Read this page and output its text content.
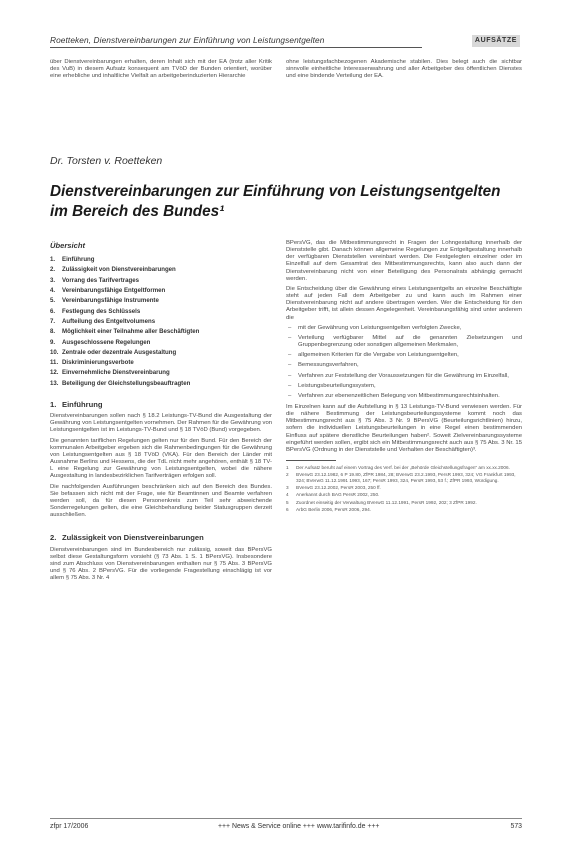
Roetteken, Dienstvereinbarungen zur Einführung von Leistungsentgelten	AUFSÄTZE

über Dienstvereinbarungen erhalten, deren Inhalt sich mit der EA (trotz aller Kritik des VuB) in diesem Aufsatz konsequent am TVöD der Bunden orientiert, worüber eine erhebliche und inhaltliche Vielfalt an arbeitgeberinduzierten Hierarchie

ohne leistungsfachbezogenen Akademische stabilen. Dies belegt auch die sichtbar sinnvolle einheitliche Interessenwahrung und aller Arbeitgeber des öffentlichen Dienstes und eine bindende Verteilung der EA.

Dr. Torsten v. Roetteken
Dienstvereinbarungen zur Einführung von Leistungsentgelten im Bereich des Bundes¹
Übersicht
1. Einführung
2. Zulässigkeit von Dienstvereinbarungen
3. Vorrang des Tarifvertrages
4. Vereinbarungsfähige Entgeltformen
5. Vereinbarungsfähige Instrumente
6. Festlegung des Schlüssels
7. Aufteilung des Entgeltvolumens
8. Möglichkeit einer Teilnahme aller Beschäftigten
9. Ausgeschlossene Regelungen
10. Zentrale oder dezentrale Ausgestaltung
11. Diskriminierungsverbote
12. Einvernehmliche Dienstvereinbarung
13. Beteiligung der Gleichstellungsbeauftragten
1. Einführung

Dienstvereinbarungen sollen nach § 18.2 Leistungs-TV-Bund die Ausgestaltung der Gewährung von Leistungsentgelten vornehmen. Der Rahmen für die Gewährung von Leistungsentgelten ist im Leistungs-TV-Bund und § 18 TVöD (Bund) vorgegeben.

Die genannten tariflichen Regelungen gelten nur für den Bund. Für den Bereich der kommunalen Arbeitgeber ergeben sich die Rahmenbedingungen für die Gewährung von Leistungsentgelten aus § 18 TVöD (VKA). Für den Bereich der Länder mit Ausnahme Berlins und Hessens, die der TdL nicht mehr angehören, enthält § 18 TV-L eine Regelung zur Gewährung von Leistungsentgelten, wobei die nähere Ausgestaltung in landesbezirklichen Tarifverträgen erfolgen soll.

Die nachfolgenden Ausführungen beschränken sich auf den Bereich des Bundes. Sie befassen sich nicht mit der Frage, wie für Beamtinnen und Beamte verfahren werden soll, da für diesen Personenkreis zum Teil sehr abweichende Sonderregelungen gelten, die eine Gleichbehandlung beider Statusgruppen derzeit ausschließen.

2. Zulässigkeit von Dienstvereinbarungen

Dienstvereinbarungen sind im Bundesbereich nur zulässig, soweit das BPersVG selbst diese Gestaltungsform vorsieht (§ 73 Abs. 1 S. 1 BPersVG). Insbesondere sind zum Abschluss von Dienstvereinbarungen enthalten nur § 75 Abs. 3 BPersVG und § 76 Abs. 2 BPersVG. Für die vorliegende Fragestellung einschlägig ist vor allem § 75 Abs. 3 Nr. 4

BPersVG, das die Mitbestimmungsrecht in Fragen der Lohngestaltung innerhalb der Dienststelle gibt. Danach können allgemeine Regelungen zur Entgeltgestaltung innerhalb der verfügbaren Dienststellen vereinbart werden. Die Festgelegten einzelner oder im Einzelfall auf dem Gesamtrat des Mitbestimmungsrechts, kann also auch dann der Dienstvereinbarung nicht von einer Beteiligung des Personalrats abhängig gemacht werden.

Die Entscheidung über die Gewährung eines Leistungsentgelts an einzelne Beschäftigte steht auf jeden Fall dem Arbeitgeber zu und kann auch im Rahmen einer Dienstvereinbarung nicht auf andere übertragen werden. Wer die Entscheidung für den Arbeitgeber trifft, ist allein dessen Angelegenheit. Vereinbarungsfähig sind unter anderem die

– mit der Gewährung von Leistungsentgelten verfolgten Zwecke,
– Verteilung verfügbarer Mittel auf die genannten Zielsetzungen und Gruppenbegrenzung oder sonstigen allgemeinen Merkmalen,
– allgemeinen Kriterien für die Vergabe von Leistungsentgelten,
– Bemessungsverfahren,
– Verfahren zur Feststellung der Voraussetzungen für die Gewährung im Einzelfall,
– Leistungsbeurteilungssystem,
– Verfahren zur ebenenzeitlichen Belegung von Mitbestimmungsrechtsinhalten.

Im Einzelnen kann auf die Aufstellung in § 13 Leistungs-TV-Bund verwiesen werden. Für die nähere Bestimmung der Leistungsbeurteilungssysteme kommt noch das Mitbestimmungsrecht aus § 75 Abs. 3 Nr. 9 BPersVG (Beurteilungsrichtlinien) hinzu, sofern die individuellen Leistungsbeurteilungen in eine Regel einen bestimmenden Einfluss auf spätere dienstliche Beurteilungen haben². Soweit Zielvereinbarungssysteme eingeführt werden sollen, ergibt sich ein Mitbestimmungsrecht auch aus § 75 Abs. 3 Nr. 15 BPersVG (Ordnung in der Dienststelle und Verhalten der Beschäftigten)³.

1 Der Aufsatz beruht auf einem Vortrag des Verf. bei der „Behörde Gleichstellungsfragen“ am xx.xx.2006.
2 BVerwG 23.12.1982, 6 P 19.80, ZfPR 1984, 28; BVerwG 23.2.1993, PersR 1993, 324; VG Frankfurt 1993, 324; BVerwG 11.12.1991 1993, 167; PersR 1993, 324, PersR 1993, 53 f.; ZfPR 1993, Würdigung.
3 BVerwG 23.12.2002, PersR 2003, 250 ff.
4 Anerkannt durch BAG PersR 2002, 250.
5 Zuordnet einseitig der Verwaltung BVerwG 11.12.1991, PersR 1992, 202; 3 ZfPR 1992.
6 ArbG Berlin 2006, PersR 2006, 294.
zfpr 17/2006	+++ News & Service online +++ www.tarifinfo.de +++	573
